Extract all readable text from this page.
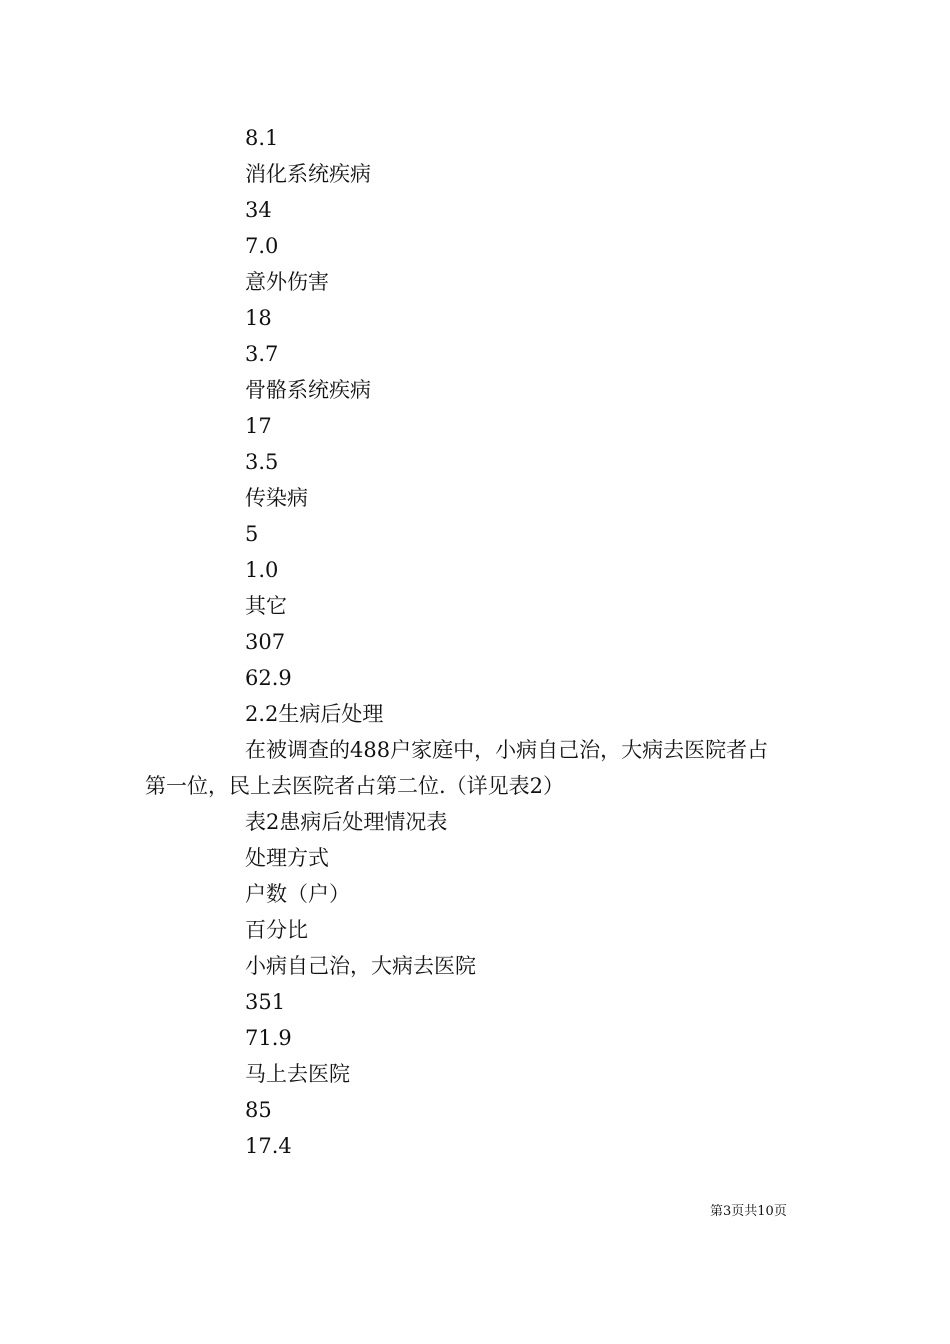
8.1
消化系统疾病
34
7.0
意外伤害
18
3.7
骨骼系统疾病
17
3.5
传染病
5
1.0
其它
307
62.9
2.2生病后处理
在被调查的488户家庭中，小病自己治，大病去医院者占
第一位，民上去医院者占第二位.（详见表2）
表2患病后处理情况表
处理方式
户数（户）
百分比
小病自己治，大病去医院
351
71.9
马上去医院
85
17.4
第3页共10页
